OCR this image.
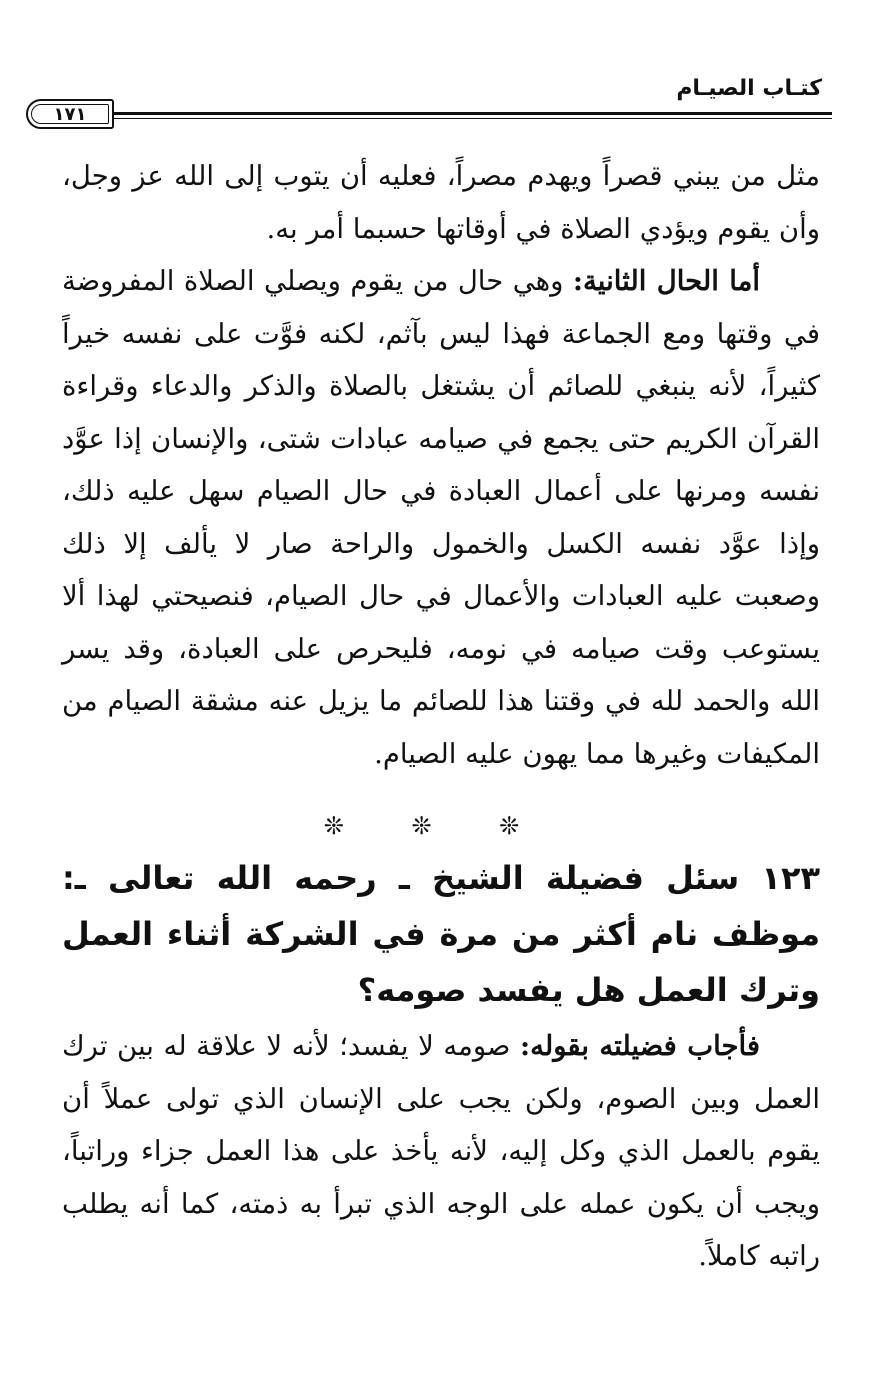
كتـاب الصيـام
١٧١

مثل من يبني قصراً ويهدم مصراً، فعليه أن يتوب إلى الله عز وجل، وأن يقوم ويؤدي الصلاة في أوقاتها حسبما أمر به.

أما الحال الثانية: وهي حال من يقوم ويصلي الصلاة المفروضة في وقتها ومع الجماعة فهذا ليس بآثم، لكنه فوَّت على نفسه خيراً كثيراً، لأنه ينبغي للصائم أن يشتغل بالصلاة والذكر والدعاء وقراءة القرآن الكريم حتى يجمع في صيامه عبادات شتى، والإنسان إذا عوَّد نفسه ومرنها على أعمال العبادة في حال الصيام سهل عليه ذلك، وإذا عوَّد نفسه الكسل والخمول والراحة صار لا يألف إلا ذلك وصعبت عليه العبادات والأعمال في حال الصيام، فنصيحتي لهذا ألا يستوعب وقت صيامه في نومه، فليحرص على العبادة، وقد يسر الله والحمد لله في وقتنا هذا للصائم ما يزيل عنه مشقة الصيام من المكيفات وغيرها مما يهون عليه الصيام.

❊ ❊ ❊

١٢٣ سئل فضيلة الشيخ ـ رحمه الله تعالى ـ: موظف نام أكثر من مرة في الشركة أثناء العمل وترك العمل هل يفسد صومه؟

فأجاب فضيلته بقوله: صومه لا يفسد؛ لأنه لا علاقة له بين ترك العمل وبين الصوم، ولكن يجب على الإنسان الذي تولى عملاً أن يقوم بالعمل الذي وكل إليه، لأنه يأخذ على هذا العمل جزاء وراتباً، ويجب أن يكون عمله على الوجه الذي تبرأ به ذمته، كما أنه يطلب راتبه كاملاً.
